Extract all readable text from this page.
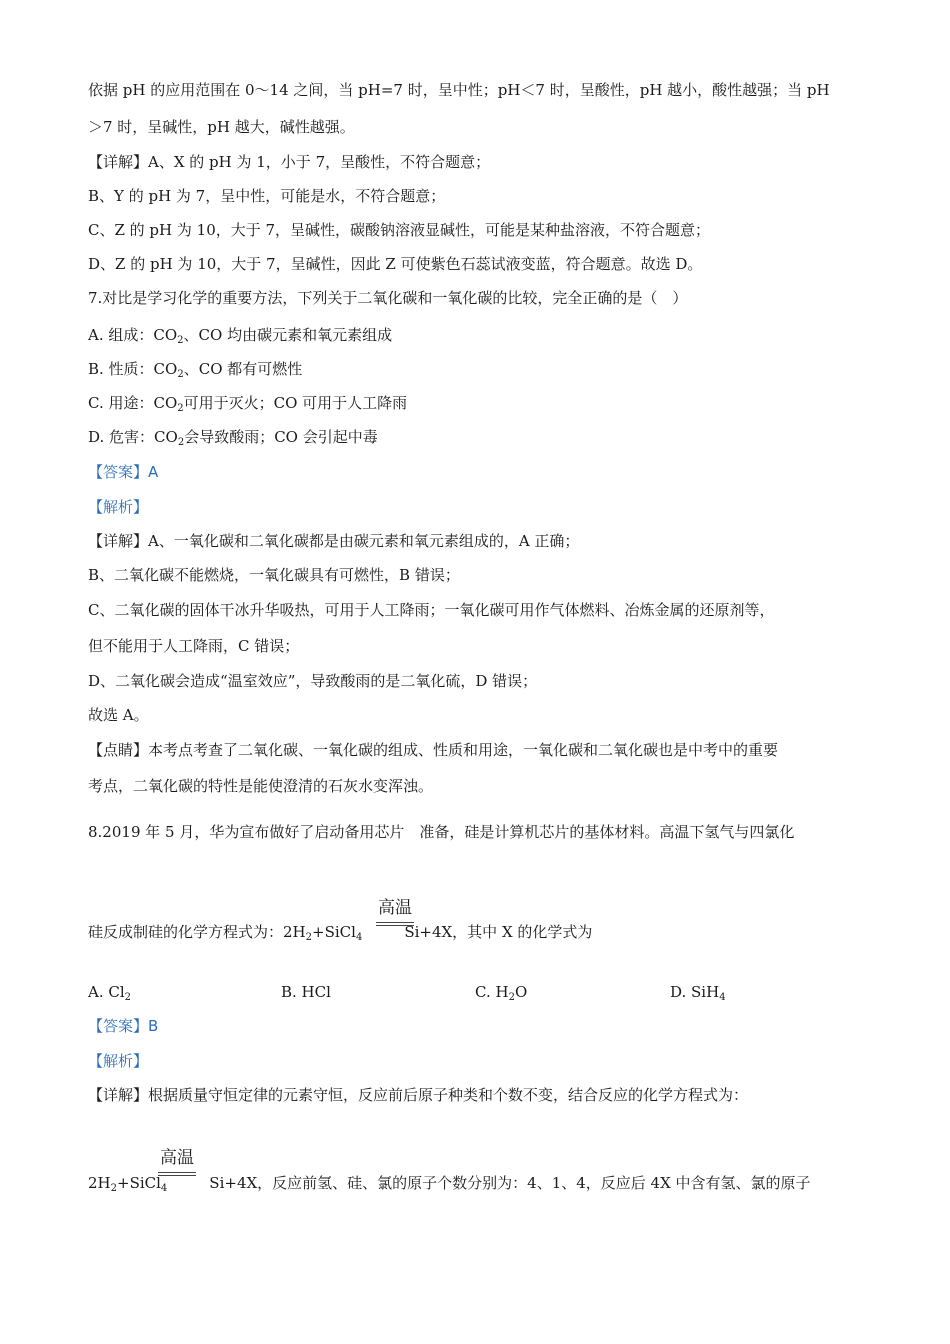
依据 pH 的应用范围在 0～14 之间，当 pH=7 时，呈中性；pH＜7 时，呈酸性，pH 越小，酸性越强；当 pH
＞7 时，呈碱性，pH 越大，碱性越强。
【详解】A、X 的 pH 为 1，小于 7，呈酸性，不符合题意；
B、Y 的 pH 为 7，呈中性，可能是水，不符合题意；
C、Z 的 pH 为 10，大于 7，呈碱性，碳酸钠溶液显碱性，可能是某种盐溶液，不符合题意；
D、Z 的 pH 为 10，大于 7，呈碱性，因此 Z 可使紫色石蕊试液变蓝，符合题意。故选 D。
7.对比是学习化学的重要方法，下列关于二氧化碳和一氧化碳的比较，完全正确的是（　）
A. 组成：$CO_2$、CO 均由碳元素和氧元素组成
B. 性质：$CO_2$、CO 都有可燃性
C. 用途：$CO_2$可用于灭火；CO 可用于人工降雨
D. 危害：$CO_2$会导致酸雨；CO 会引起中毒
【答案】A
【解析】
【详解】A、一氧化碳和二氧化碳都是由碳元素和氧元素组成的，A 正确；
B、二氧化碳不能燃烧，一氧化碳具有可燃性，B 错误；
C、二氧化碳的固体干冰升华吸热，可用于人工降雨；一氧化碳可用作气体燃料、冶炼金属的还原剂等，
但不能用于人工降雨，C 错误；
D、二氧化碳会造成“温室效应”，导致酸雨的是二氧化硫，D 错误；
故选 A。
【点睛】本考点考查了二氧化碳、一氧化碳的组成、性质和用途，一氧化碳和二氧化碳也是中考中的重要
考点，二氧化碳的特性是能使澄清的石灰水变浑浊。
8.2019 年 5 月，华为宣布做好了启动备用芯片　准备，硅是计算机芯片的基体材料。高温下氢气与四氯化
高温
硅反成制硅的化学方程式为：$2H_2+SiCl_4$	Si+4X，其中 X 的化学式为
A. $Cl_2$	B. HCl	C. $H_2O$	D. SiH$_4$
【答案】B
【解析】
【详解】根据质量守恒定律的元素守恒，反应前后原子种类和个数不变，结合反应的化学方程式为：
高温
$2H_2+SiCl_4$	Si+4X，反应前氢、硅、氯的原子个数分别为：4、1、4，反应后 4X 中含有氢、氯的原子
